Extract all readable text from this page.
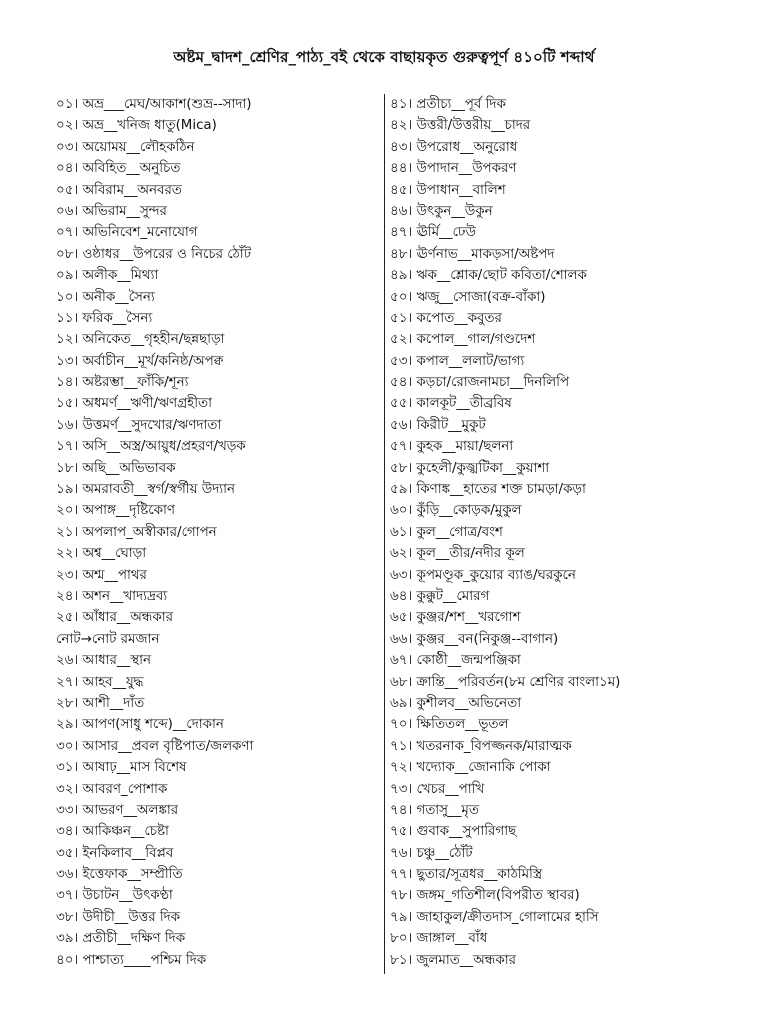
অষ্টম_দ্বাদশ_শ্রেণির_পাঠ্য_বই থেকে বাছায়কৃত গুরুত্বপূর্ণ ৪১০টি শব্দার্থ
০১। অভ্র___মেঘ/আকাশ(শুভ্র--সাদা)
০২। অভ্র__খনিজ ধাতু(Mica)
০৩। অয়োময়__লৌহকঠিন
০৪। অবিহিত__অনুচিত
০৫। অবিরাম__অনবরত
০৬। অভিরাম__সুন্দর
০৭। অভিনিবেশ_মনোযোগ
০৮। ওষ্ঠাধর__উপরের ও নিচের ঠোঁট
০৯। অলীক__মিথ্যা
১০। অনীক__সৈন্য
১১। ফরিক__সৈন্য
১২। অনিকেত__গৃহহীন/ছন্নছাড়া
১৩। অর্বাচীন__মূর্খ/কনিষ্ঠ/অপক্ব
১৪। অষ্টরম্ভা__ফাঁকি/শূন্য
১৫। অধমর্ণ__ঋণী/ঋণগ্রহীতা
১৬। উত্তমর্ণ__সুদখোর/ঋণদাতা
১৭। অসি__অস্ত্র/আয়ুধ/প্রহরণ/খড়ক
১৮। অছি__অভিভাবক
১৯। অমরাবতী__স্বর্গ/স্বর্গীয় উদ্যান
২০। অপাঙ্গ__দৃষ্টিকোণ
২১। অপলাপ_অস্বীকার/গোপন
২২। অশ্ব__ঘোড়া
২৩। অশ্ম__পাথর
২৪। অশন__খাদ্যদ্রব্য
২৫। আঁধার__অন্ধকার
নোট→নোট রমজান
২৬। আধার__স্থান
২৭। আহব__যুদ্ধ
২৮। আশী__দাঁত
২৯। আপণ(সাধু শব্দে)__দোকান
৩০। আসার__প্রবল বৃষ্টিপাত/জলকণা
৩১। আষাঢ়__মাস বিশেষ
৩২। আবরণ_পোশাক
৩৩। আভরণ__অলঙ্কার
৩৪। আকিঞ্চন__চেষ্টা
৩৫। ইনকিলাব__বিপ্লব
৩৬। ইত্তেফাক__সম্প্রীতি
৩৭। উচাটন__উৎকণ্ঠা
৩৮। উদীচী__উত্তর দিক
৩৯। প্রতীচী__দক্ষিণ দিক
৪০। পাশ্চাত্য____পশ্চিম দিক
৪১। প্রতীচ্য__পূর্ব দিক
৪২। উত্তরী/উত্তরীয়__চাদর
৪৩। উপরোধ__অনুরোধ
৪৪। উপাদান__উপকরণ
৪৫। উপাধান__বালিশ
৪৬। উৎকুন__উকুন
৪৭। ঊর্মি__ঢেউ
৪৮। ঊর্ণনাভ__মাকড়সা/অষ্টপদ
৪৯। ঋক__শ্লোক/ছোট কবিতা/শোলক
৫০। ঋজু__সোজা(বক্র-বাঁকা)
৫১। কপোত__কবুতর
৫২। কপোল__গাল/গণ্ডদেশ
৫৩। কপাল__ললাট/ভাগ্য
৫৪। কড়চা/রোজনামচা__দিনলিপি
৫৫। কালকূট__তীব্রবিষ
৫৬। কিরীট__মুকুট
৫৭। কুহক__মায়া/ছলনা
৫৮। কুহেলী/কুজ্ঝটিকা__কুয়াশা
৫৯। কিণাঙ্ক__হাতের শক্ত চামড়া/কড়া
৬০। কুঁড়ি__কোড়ক/মুকুল
৬১। কুল__গোত্র/বংশ
৬২। কূল__তীর/নদীর কূল
৬৩। কূপমণ্ডূক_কুয়োর ব্যাঙ/ঘরকুনে
৬৪। কুক্কুট__মোরগ
৬৫। কুঞ্জর/শশ__খরগোশ
৬৬। কুঞ্জর__বন(নিকুঞ্জ--বাগান)
৬৭। কোষ্ঠী__জন্মপঞ্জিকা
৬৮। ক্রান্তি__পরিবর্তন(৮ম শ্রেণির বাংলা১ম)
৬৯। কুশীলব__অভিনেতা
৭০। ক্ষিতিতল__ভূতল
৭১। খতরনাক_বিপজ্জনক/মারাত্মক
৭২। খদ্যোক__জোনাকি পোকা
৭৩। খেচর__পাখি
৭৪। গতাসু__মৃত
৭৫। গুবাক__সুপারিগাছ
৭৬। চঞ্চু__ঠোঁট
৭৭। ছুতার/সূত্রধর__কাঠমিস্ত্রি
৭৮। জঙ্গম_গতিশীল(বিপরীত স্থাবর)
৭৯। জাহাকুল/ক্রীতদাস_গোলামের হাসি
৮০। জাঙ্গাল__বাঁধ
৮১। জুলমাত__অন্ধকার
